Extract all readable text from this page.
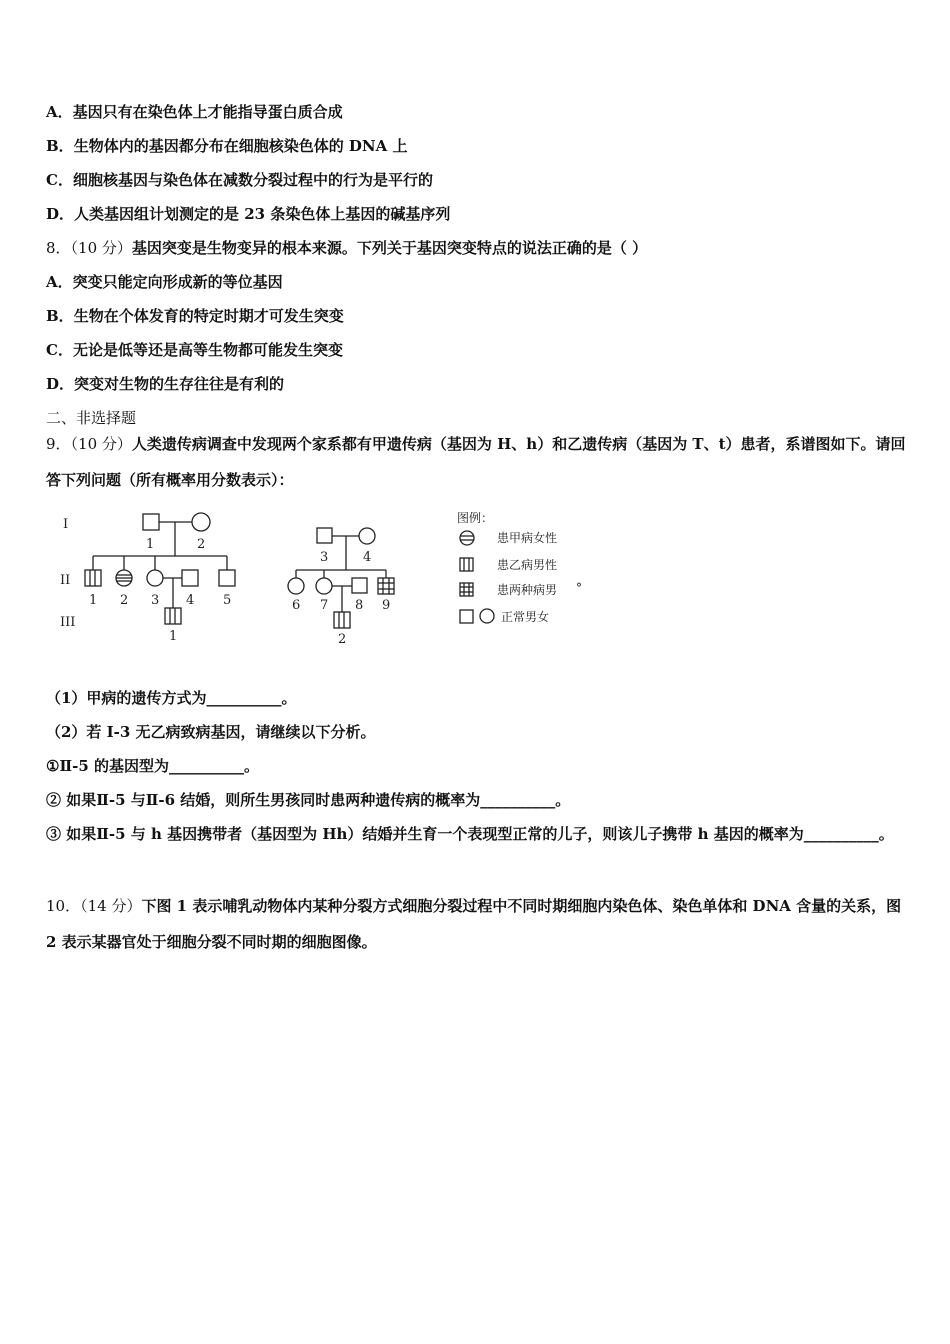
A．基因只有在染色体上才能指导蛋白质合成
B．生物体内的基因都分布在细胞核染色体的 DNA 上
C．细胞核基因与染色体在减数分裂过程中的行为是平行的
D．人类基因组计划测定的是 23 条染色体上基因的碱基序列
8．（10 分）基因突变是生物变异的根本来源。下列关于基因突变特点的说法正确的是（ ）
A．突变只能定向形成新的等位基因
B．生物在个体发育的特定时期才可发生突变
C．无论是低等还是高等生物都可能发生突变
D．突变对生物的生存往往是有利的
二、非选择题
9．（10 分）人类遗传病调查中发现两个家系都有甲遗传病（基因为 H、h）和乙遗传病（基因为 T、t）患者，系谱图如下。请回答下列问题（所有概率用分数表示）：
I
II
III
1	2
1 2 3 4 5
1
3	4
6 7 8 9
2
图例：
患甲病女性
患乙病男性
患两种病男 °
正常男女
（1）甲病的遗传方式为__________。
（2）若 I-3 无乙病致病基因，请继续以下分析。
①Ⅱ-5 的基因型为__________。
② 如果Ⅱ-5 与Ⅱ-6 结婚，则所生男孩同时患两种遗传病的概率为__________。
③ 如果Ⅱ-5 与 h 基因携带者（基因型为 Hh）结婚并生育一个表现型正常的儿子，则该儿子携带 h 基因的概率为__________。
10．（14 分）下图 1 表示哺乳动物体内某种分裂方式细胞分裂过程中不同时期细胞内染色体、染色单体和 DNA 含量的关系，图 2 表示某器官处于细胞分裂不同时期的细胞图像。
